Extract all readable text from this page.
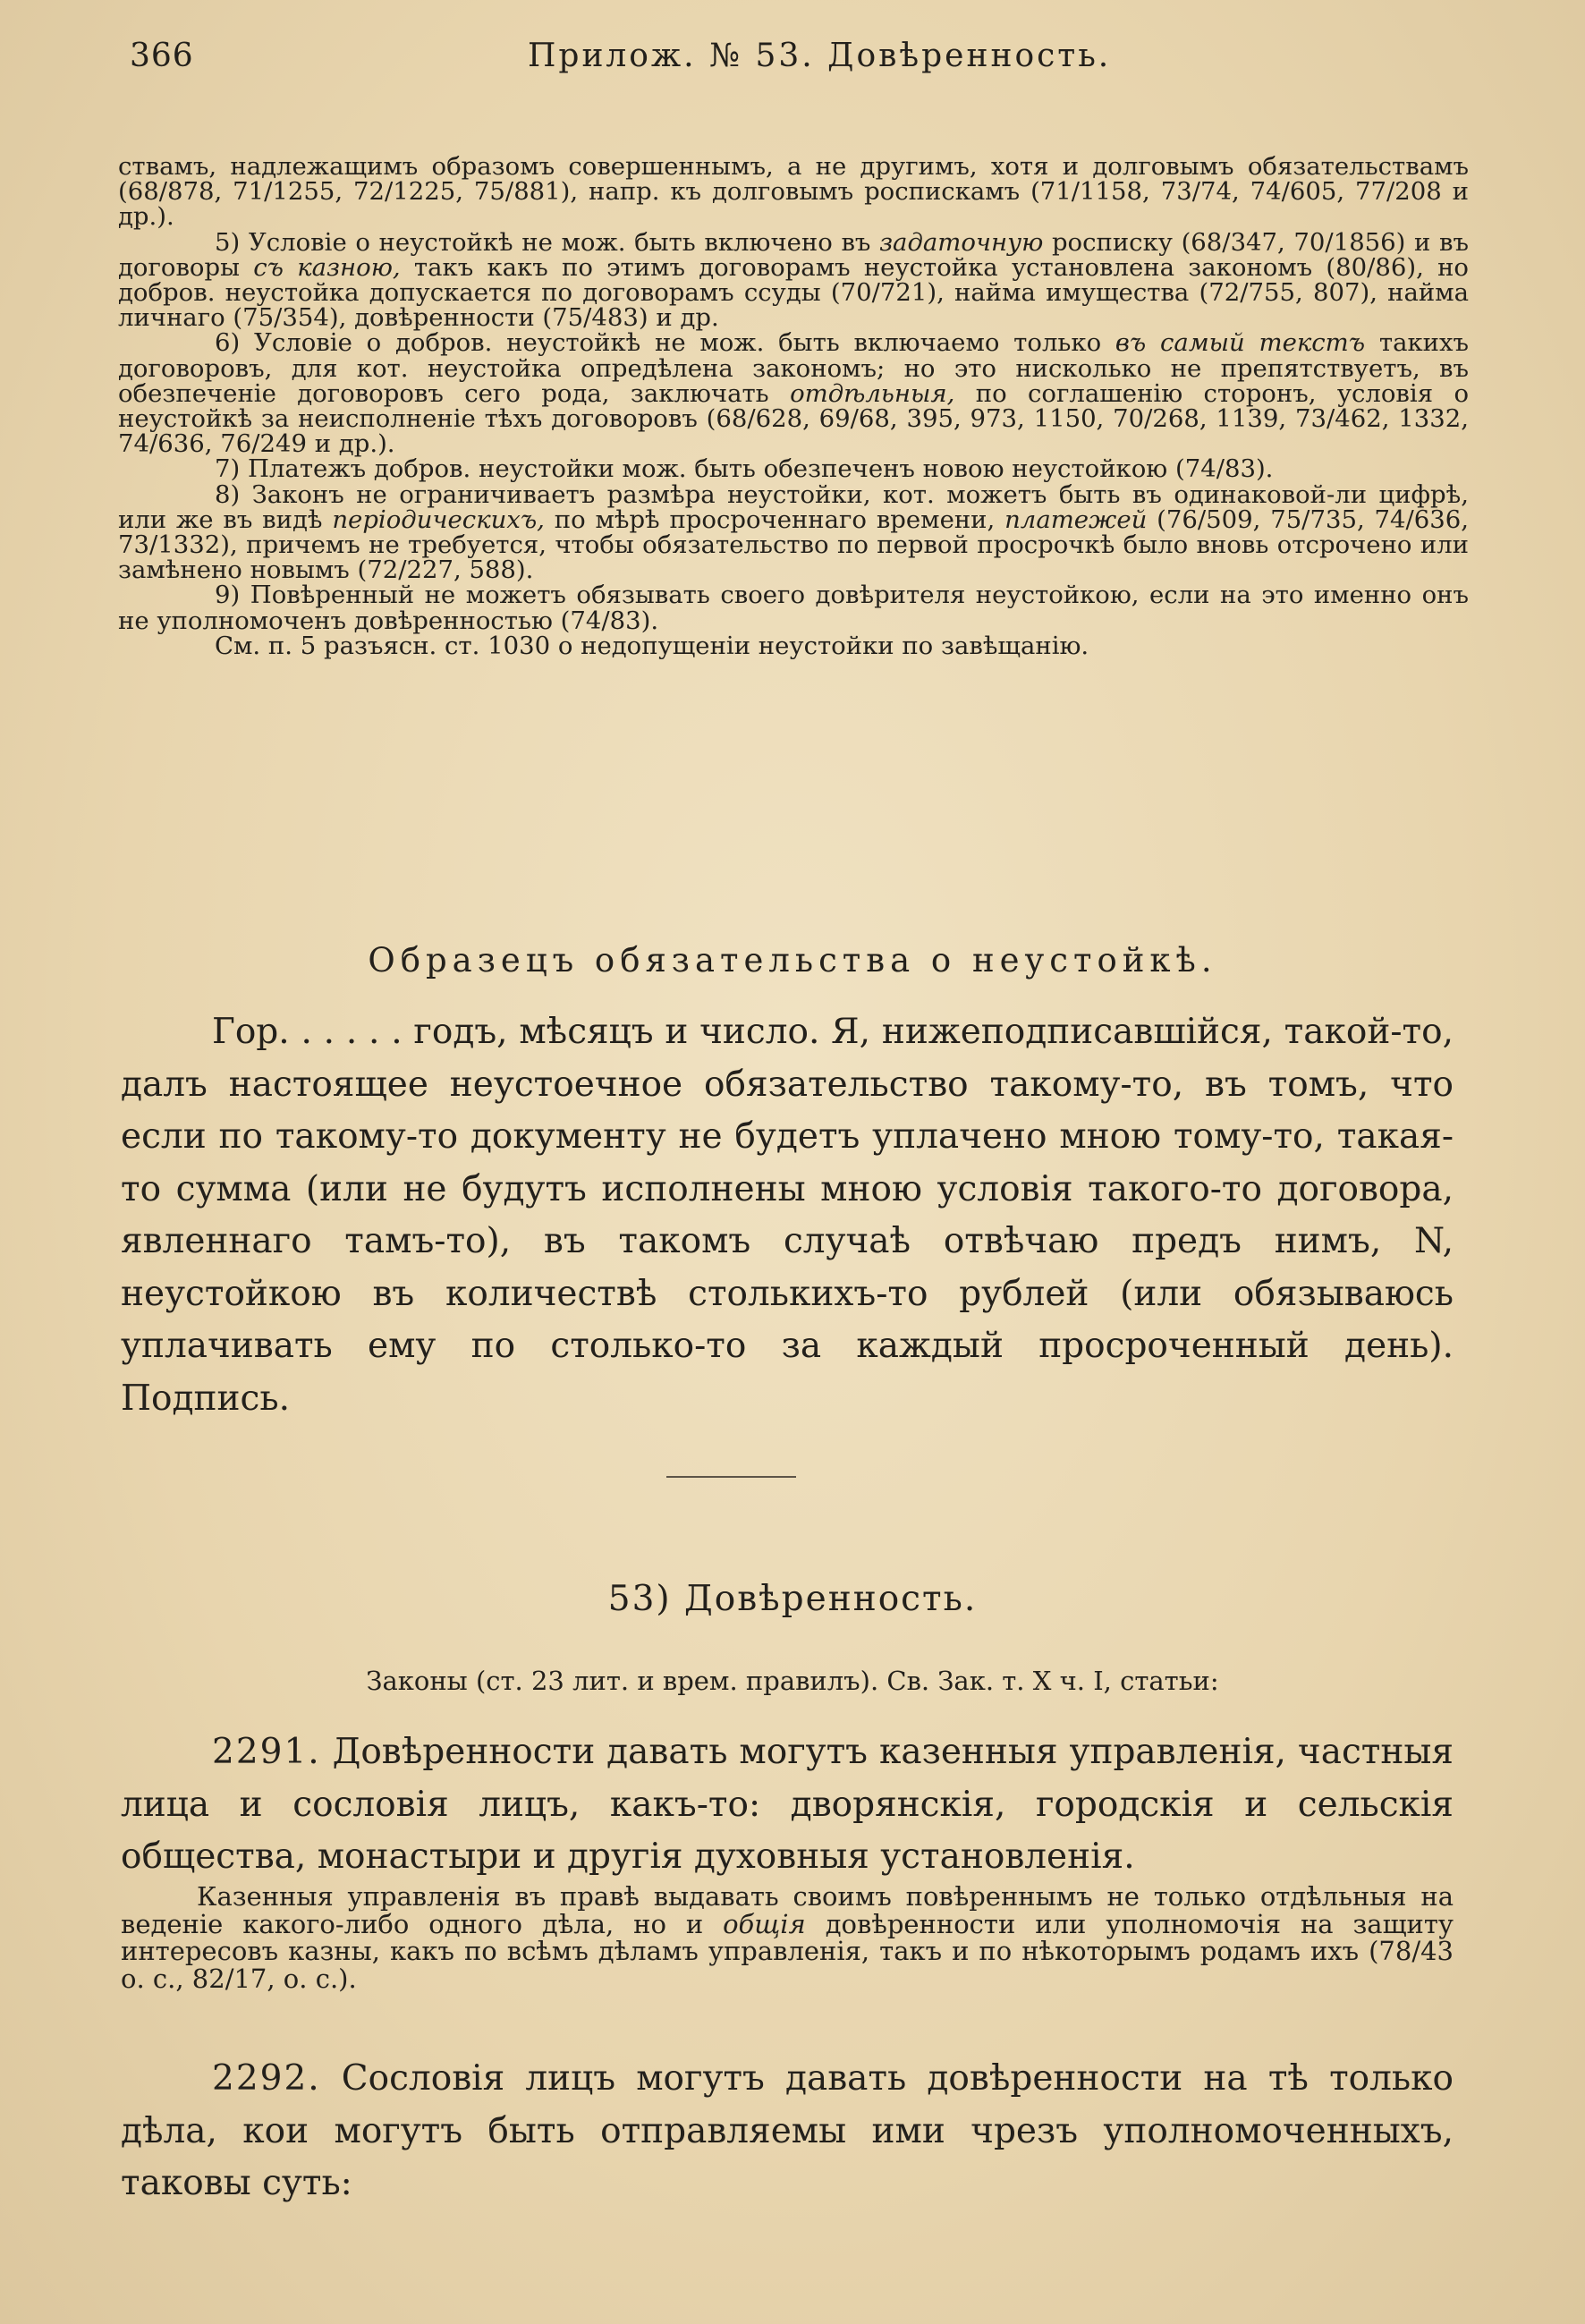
366	Прилож. № 53. Довѣренность.

ствамъ, надлежащимъ образомъ совершеннымъ, а не другимъ, хотя и долговымъ обязательствамъ (68/878, 71/1255, 72/1225, 75/881), напр. къ долговымъ роспискамъ (71/1158, 73/74, 74/605, 77/208 и др.).

5) Условіе о неустойкѣ не мож. быть включено въ задаточную росписку (68/347, 70/1856) и въ договоры съ казною, такъ какъ по этимъ договорамъ неустойка установлена закономъ (80/86), но добров. неустойка допускается по договорамъ ссуды (70/721), найма имущества (72/755, 807), найма личнаго (75/354), довѣренности (75/483) и др.

6) Условіе о добров. неустойкѣ не мож. быть включаемо только въ самый текстъ такихъ договоровъ, для кот. неустойка опредѣлена закономъ; но это нисколько не препятствуетъ, въ обезпеченіе договоровъ сего рода, заключать отдѣльныя, по соглашенію сторонъ, условія о неустойкѣ за неисполненіе тѣхъ договоровъ (68/628, 69/68, 395, 973, 1150, 70/268, 1139, 73/462, 1332, 74/636, 76/249 и др.).

7) Платежъ добров. неустойки мож. быть обезпеченъ новою неустойкою (74/83).

8) Законъ не ограничиваетъ размѣра неустойки, кот. можетъ быть въ одинаковой-ли цифрѣ, или же въ видѣ періодическихъ, по мѣрѣ просроченнаго времени, платежей (76/509, 75/735, 74/636, 73/1332), причемъ не требуется, чтобы обязательство по первой просрочкѣ было вновь отсрочено или замѣнено новымъ (72/227, 588).

9) Повѣренный не можетъ обязывать своего довѣрителя неустойкою, если на это именно онъ не уполномоченъ довѣренностью (74/83).

См. п. 5 разъясн. ст. 1030 о недопущеніи неустойки по завѣщанію.

Образецъ обязательства о неустойкѣ.

Гор. . . . . . годъ, мѣсяцъ и число. Я, нижеподписавшійся, такой-то, далъ настоящее неустоечное обязательство такому-то, въ томъ, что если по такому-то документу не будетъ уплачено мною тому-то, такая-то сумма (или не будутъ исполнены мною условія такого-то договора, явленнаго тамъ-то), въ такомъ случаѣ отвѣчаю предъ нимъ, N, неустойкою въ количествѣ столькихъ-то рублей (или обязываюсь уплачивать ему по столько-то за каждый просроченный день). Подпись.

53) Довѣренность.
Законы (ст. 23 лит. и врем. правилъ). Св. Зак. т. X ч. I, статьи:

2291. Довѣренности давать могутъ казенныя управленія, частныя лица и сословія лицъ, какъ-то: дворянскія, городскія и сельскія общества, монастыри и другія духовныя установленія.

Казенныя управленія въ правѣ выдавать своимъ повѣреннымъ не только отдѣльныя на веденіе какого-либо одного дѣла, но и общія довѣренности или уполномочія на защиту интересовъ казны, какъ по всѣмъ дѣламъ управленія, такъ и по нѣкоторымъ родамъ ихъ (78/43 о. с., 82/17, о. с.).

2292. Сословія лицъ могутъ давать довѣренности на тѣ только дѣла, кои могутъ быть отправляемы ими чрезъ уполномоченныхъ, таковы суть:
